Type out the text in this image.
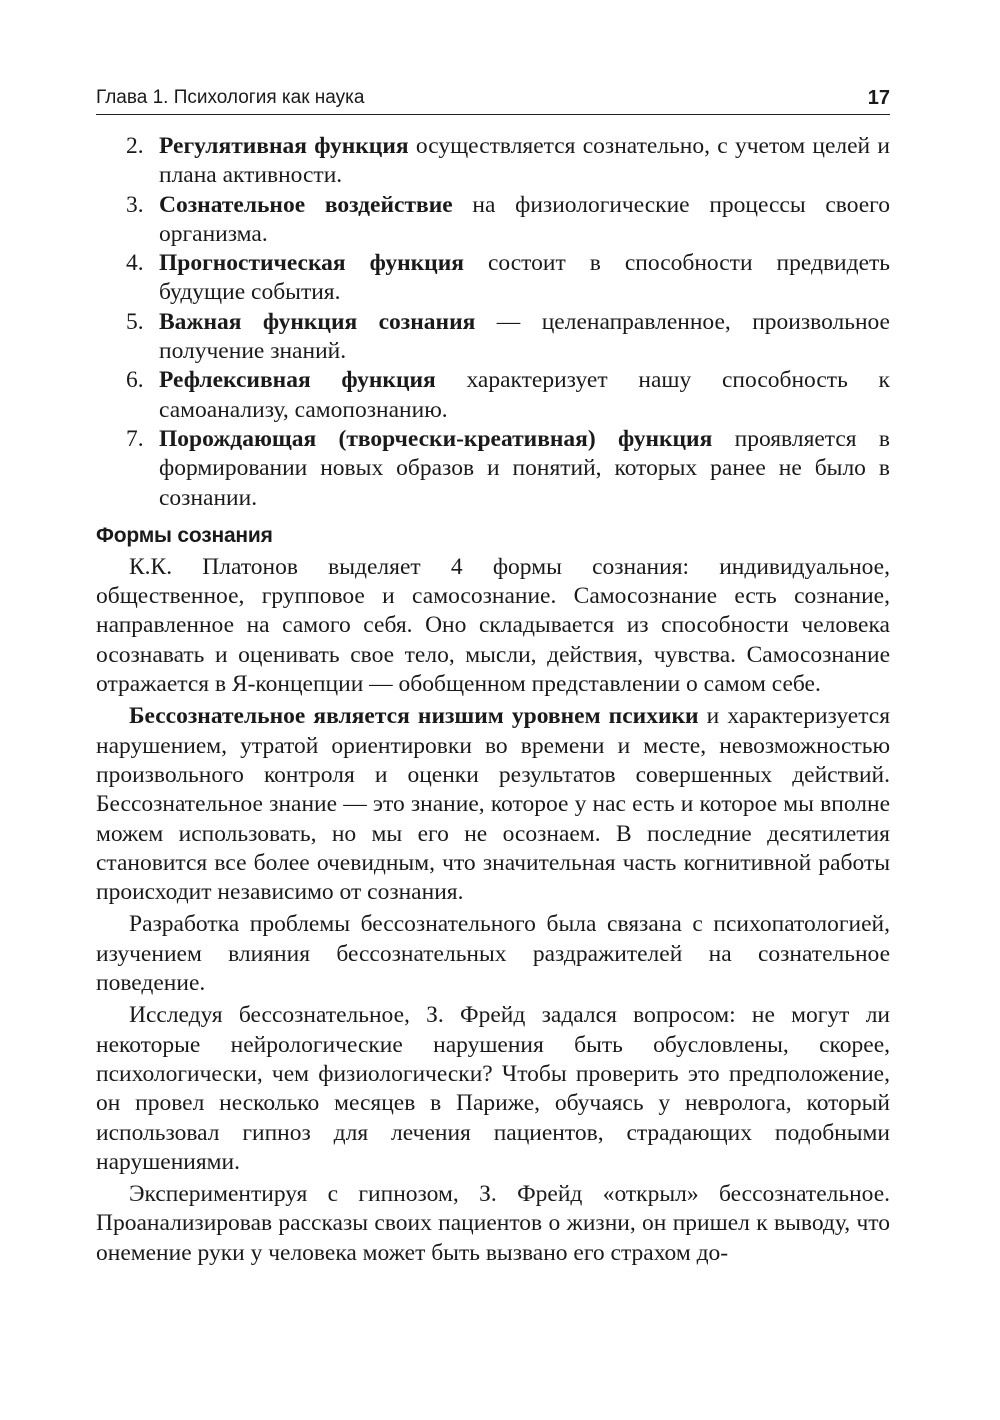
Глава 1. Психология как наука	17
2. Регулятивная функция осуществляется сознательно, с учетом целей и плана активности.
3. Сознательное воздействие на физиологические процессы своего организма.
4. Прогностическая функция состоит в способности предвидеть будущие события.
5. Важная функция сознания — целенаправленное, произвольное получение знаний.
6. Рефлексивная функция характеризует нашу способность к самоанализу, самопознанию.
7. Порождающая (творчески-креативная) функция проявляется в формировании новых образов и понятий, которых ранее не было в сознании.
Формы сознания

К.К. Платонов выделяет 4 формы сознания: индивидуальное, общественное, групповое и самосознание. Самосознание есть сознание, направленное на самого себя. Оно складывается из способности человека осознавать и оценивать свое тело, мысли, действия, чувства. Самосознание отражается в Я-концепции — обобщенном представлении о самом себе.

Бессознательное является низшим уровнем психики и характеризуется нарушением, утратой ориентировки во времени и месте, невозможностью произвольного контроля и оценки результатов совершенных действий. Бессознательное знание — это знание, которое у нас есть и которое мы вполне можем использовать, но мы его не осознаем. В последние десятилетия становится все более очевидным, что значительная часть когнитивной работы происходит независимо от сознания.

Разработка проблемы бессознательного была связана с психопатологией, изучением влияния бессознательных раздражителей на сознательное поведение.

Исследуя бессознательное, З. Фрейд задался вопросом: не могут ли некоторые нейрологические нарушения быть обусловлены, скорее, психологически, чем физиологически? Чтобы проверить это предположение, он провел несколько месяцев в Париже, обучаясь у невролога, который использовал гипноз для лечения пациентов, страдающих подобными нарушениями.

Экспериментируя с гипнозом, З. Фрейд «открыл» бессознательное. Проанализировав рассказы своих пациентов о жизни, он пришел к выводу, что онемение руки у человека может быть вызвано его страхом до-
